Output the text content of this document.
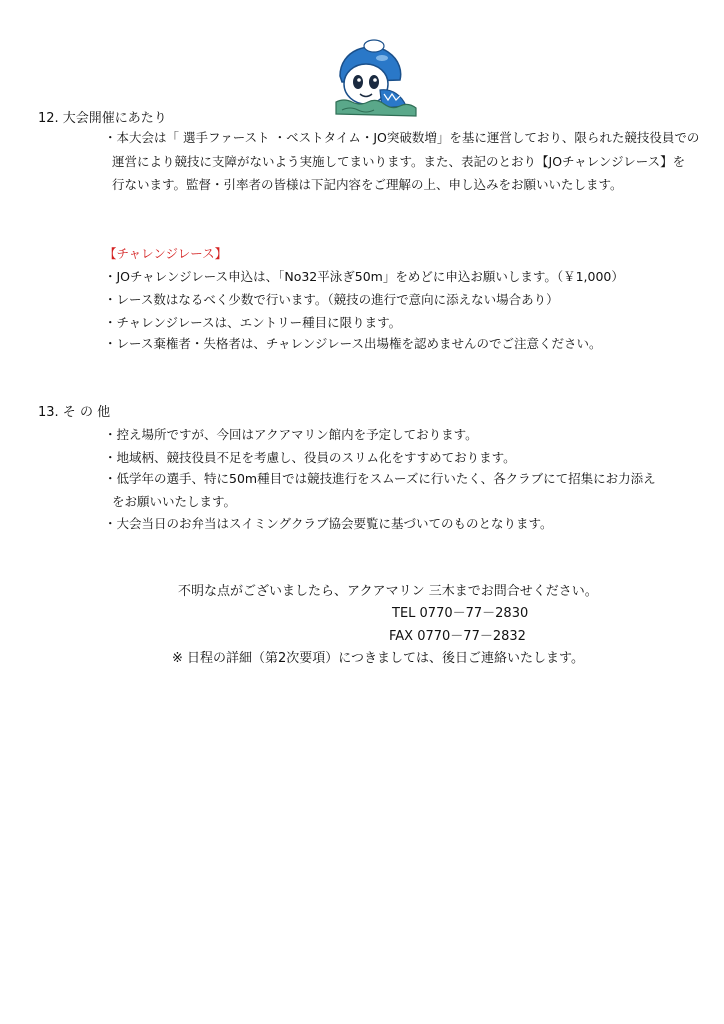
12. 大会開催にあたり
・本大会は「 選手ファースト ・ベストタイム・JO突破数増」を基に運営しており、限られた競技役員での
運営により競技に支障がないよう実施してまいります。また、表記のとおり【JOチャレンジレース】を
行ないます。監督・引率者の皆様は下記内容をご理解の上、申し込みをお願いいたします。
【チャレンジレース】
・JOチャレンジレース申込は、「No32平泳ぎ50m」をめどに申込お願いします。（￥1,000）
・レース数はなるべく少数で行います。（競技の進行で意向に添えない場合あり）
・チャレンジレースは、エントリー種目に限ります。
・レース棄権者・失格者は、チャレンジレース出場権を認めませんのでご注意ください。
13. そ の 他
・控え場所ですが、今回はアクアマリン館内を予定しております。
・地域柄、競技役員不足を考慮し、役員のスリム化をすすめております。
・低学年の選手、特に50m種目では競技進行をスムーズに行いたく、各クラブにて招集にお力添え
をお願いいたします。
・大会当日のお弁当はスイミングクラブ協会要覧に基づいてのものとなります。
不明な点がございましたら、アクアマリン 三木までお問合せください。
TEL 0770－77－2830
FAX 0770－77－2832
※ 日程の詳細（第2次要項）につきましては、後日ご連絡いたします。
